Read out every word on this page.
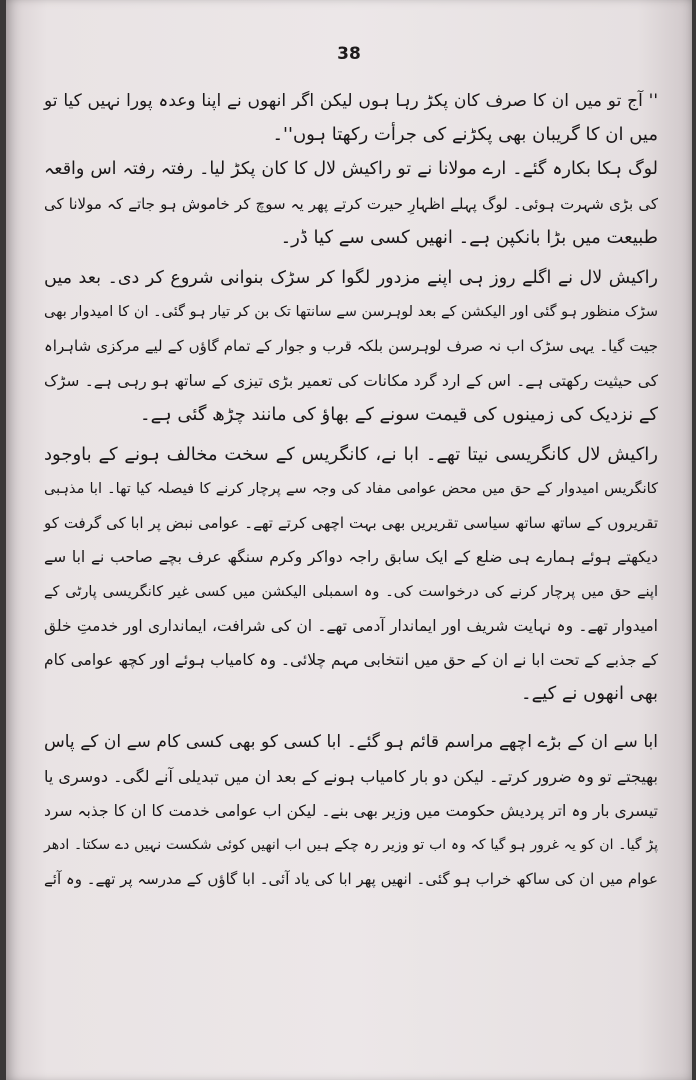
38
'' آج تو میں ان کا صرف کان پکڑ رہا ہوں لیکن اگر انھوں نے اپنا وعدہ پورا نہیں کیا تو
میں ان کا گریبان بھی پکڑنے کی جرأت رکھتا ہوں''۔
لوگ ہکا بکارہ گئے۔ ارے مولانا نے تو راکیش لال کا کان پکڑ لیا۔ رفتہ رفتہ اس واقعہ
کی بڑی شہرت ہوئی۔ لوگ پہلے اظہارِ حیرت کرتے پھر یہ سوچ کر خاموش ہو جاتے کہ مولانا کی
طبیعت میں بڑا بانکپن ہے۔ انھیں کسی سے کیا ڈر۔
راکیش لال نے اگلے روز ہی اپنے مزدور لگوا کر سڑک بنوانی شروع کر دی۔ بعد میں
سڑک منظور ہو گئی اور الیکشن کے بعد لوہرسن سے سانتھا تک بن کر تیار ہو گئی۔ ان کا امیدوار بھی
جیت گیا۔ یہی سڑک اب نہ صرف لوہرسن بلکہ قرب و جوار کے تمام گاؤں کے لیے مرکزی شاہراہ
کی حیثیت رکھتی ہے۔ اس کے ارد گرد مکانات کی تعمیر بڑی تیزی کے ساتھ ہو رہی ہے۔ سڑک
کے نزدیک کی زمینوں کی قیمت سونے کے بھاؤ کی مانند چڑھ گئی ہے۔
راکیش لال کانگریسی نیتا تھے۔ ابا نے، کانگریس کے سخت مخالف ہونے کے باوجود
کانگریس امیدوار کے حق میں محض عوامی مفاد کی وجہ سے پرچار کرنے کا فیصلہ کیا تھا۔ ابا مذہبی
تقریروں کے ساتھ ساتھ سیاسی تقریریں بھی بہت اچھی کرتے تھے۔ عوامی نبض پر ابا کی گرفت کو
دیکھتے ہوئے ہمارے ہی ضلع کے ایک سابق راجہ دواکر وکرم سنگھ عرف بچے صاحب نے ابا سے
اپنے حق میں پرچار کرنے کی درخواست کی۔ وہ اسمبلی الیکشن میں کسی غیر کانگریسی پارٹی کے
امیدوار تھے۔ وہ نہایت شریف اور ایماندار آدمی تھے۔ ان کی شرافت، ایمانداری اور خدمتِ خلق
کے جذبے کے تحت ابا نے ان کے حق میں انتخابی مہم چلائی۔ وہ کامیاب ہوئے اور کچھ عوامی کام
بھی انھوں نے کیے۔
ابا سے ان کے بڑے اچھے مراسم قائم ہو گئے۔ ابا کسی کو بھی کسی کام سے ان کے پاس
بھیجتے تو وہ ضرور کرتے۔ لیکن دو بار کامیاب ہونے کے بعد ان میں تبدیلی آنے لگی۔ دوسری یا
تیسری بار وہ اتر پردیش حکومت میں وزیر بھی بنے۔ لیکن اب عوامی خدمت کا ان کا جذبہ سرد
پڑ گیا۔ ان کو یہ غرور ہو گیا کہ وہ اب تو وزیر رہ چکے ہیں اب انھیں کوئی شکست نہیں دے سکتا۔ ادھر
عوام میں ان کی ساکھ خراب ہو گئی۔ انھیں پھر ابا کی یاد آئی۔ ابا گاؤں کے مدرسہ پر تھے۔ وہ آئے
